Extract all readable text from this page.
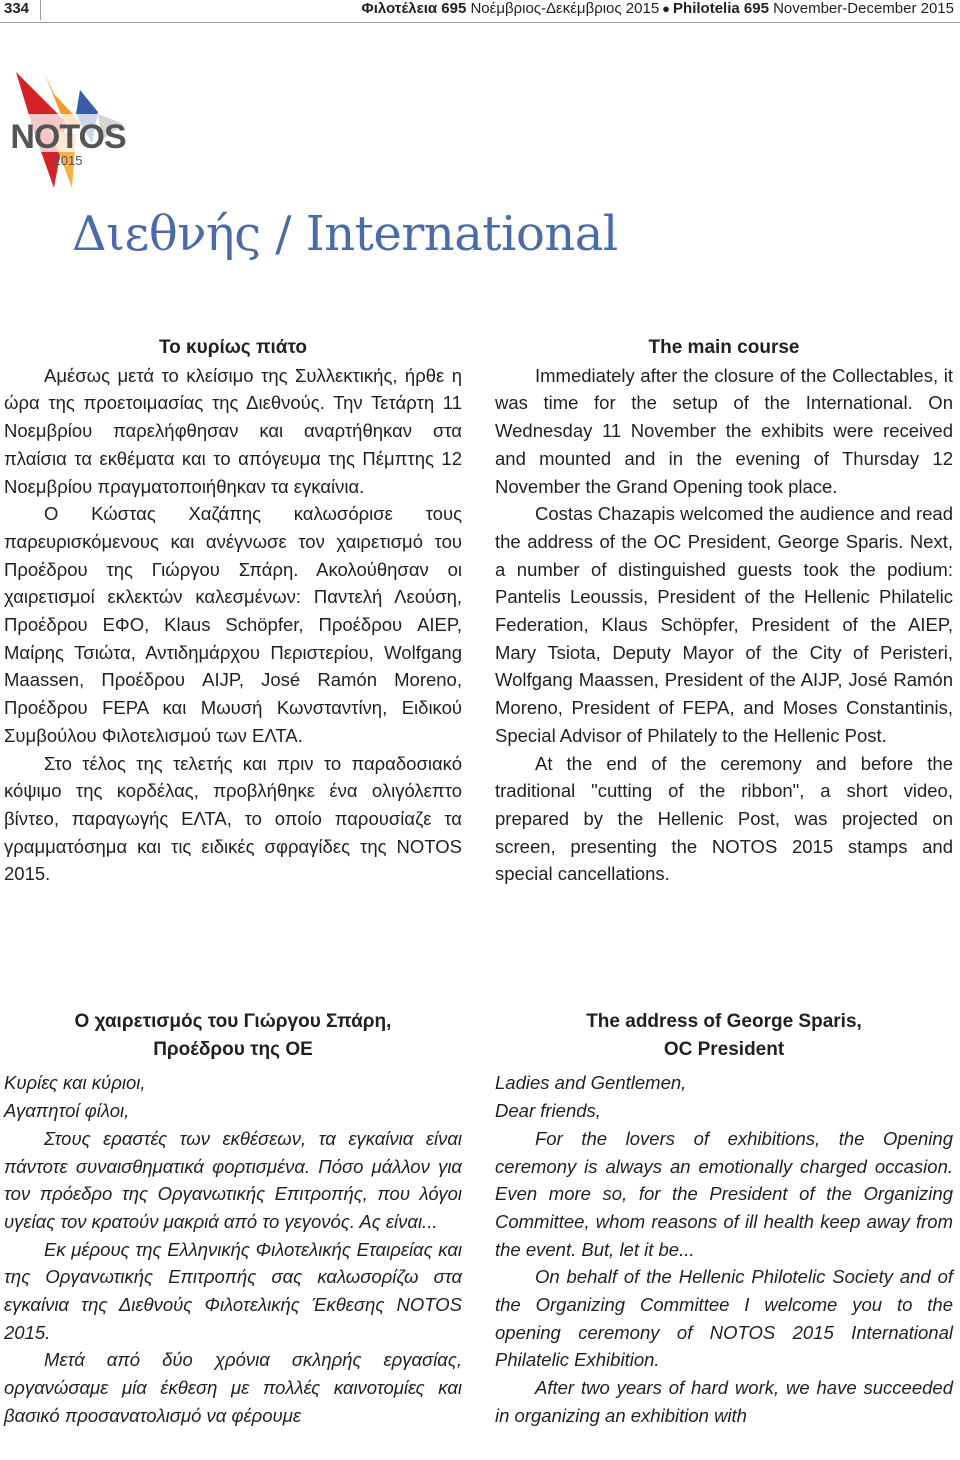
334	Φιλοτέλεια 695 Νοέμβριος-Δεκέμβριος 2015 ● Philotelia 695 November-December 2015
NOTOS
2015
Διεθνής / International
Το κυρίως πιάτο

Αμέσως μετά το κλείσιμο της Συλλεκτικής, ήρθε η ώρα της προετοιμασίας της Διεθνούς. Την Τετάρτη 11 Νοεμβρίου παρελήφθησαν και αναρτήθηκαν στα πλαίσια τα εκθέματα και το απόγευμα της Πέμπτης 12 Νοεμβρίου πραγματοποιήθηκαν τα εγκαίνια.

Ο Κώστας Χαζάπης καλωσόρισε τους παρευρισκόμενους και ανέγνωσε τον χαιρετισμό του Προέδρου της Γιώργου Σπάρη. Ακολούθησαν οι χαιρετισμοί εκλεκτών καλεσμένων: Παντελή Λεούση, Προέδρου ΕΦΟ, Klaus Schöpfer, Προέδρου AIEP, Μαίρης Τσιώτα, Αντιδημάρχου Περιστερίου, Wolfgang Maassen, Προέδρου AIJP, José Ramón Moreno, Προέδρου FEPA και Μωυσή Κωνσταντίνη, Ειδικού Συμβούλου Φιλοτελισμού των ΕΛΤΑ.

Στο τέλος της τελετής και πριν το παραδοσιακό κόψιμο της κορδέλας, προβλήθηκε ένα ολιγόλεπτο βίντεο, παραγωγής ΕΛΤΑ, το οποίο παρουσίαζε τα γραμματόσημα και τις ειδικές σφραγίδες της NOTOS 2015.

The main course

Immediately after the closure of the Collectables, it was time for the setup of the International. On Wednesday 11 November the exhibits were received and mounted and in the evening of Thursday 12 November the Grand Opening took place.

Costas Chazapis welcomed the audience and read the address of the OC President, George Sparis. Next, a number of distinguished guests took the podium: Pantelis Leoussis, President of the Hellenic Philatelic Federation, Klaus Schöpfer, President of the AIEP, Mary Tsiota, Deputy Mayor of the City of Peristeri, Wolfgang Maassen, President of the AIJP, José Ramón Moreno, President of FEPA, and Moses Constantinis, Special Advisor of Philately to the Hellenic Post.

At the end of the ceremony and before the traditional "cutting of the ribbon", a short video, prepared by the Hellenic Post, was projected on screen, presenting the NOTOS 2015 stamps and special cancellations.

Ο χαιρετισμός του Γιώργου Σπάρη,
Προέδρου της ΟΕ

Κυρίες και κύριοι,

Αγαπητοί φίλοι,

Στους εραστές των εκθέσεων, τα εγκαίνια είναι πάντοτε συναισθηματικά φορτισμένα. Πόσο μάλλον για τον πρόεδρο της Οργανωτικής Επιτροπής, που λόγοι υγείας τον κρατούν μακριά από το γεγονός. Ας είναι...

Εκ μέρους της Ελληνικής Φιλοτελικής Εταιρείας και της Οργανωτικής Επιτροπής σας καλωσορίζω στα εγκαίνια της Διεθνούς Φιλοτελικής Έκθεσης NOTOS 2015.

Μετά από δύο χρόνια σκληρής εργασίας, οργανώσαμε μία έκθεση με πολλές καινοτομίες και βασικό προσανατολισμό να φέρουμε

The address of George Sparis,
OC President

Ladies and Gentlemen,

Dear friends,

For the lovers of exhibitions, the Opening ceremony is always an emotionally charged occasion. Even more so, for the President of the Organizing Committee, whom reasons of ill health keep away from the event. But, let it be...

On behalf of the Hellenic Philotelic Society and of the Organizing Committee I welcome you to the opening ceremony of NOTOS 2015 International Philatelic Exhibition.

After two years of hard work, we have succeeded in organizing an exhibition with
